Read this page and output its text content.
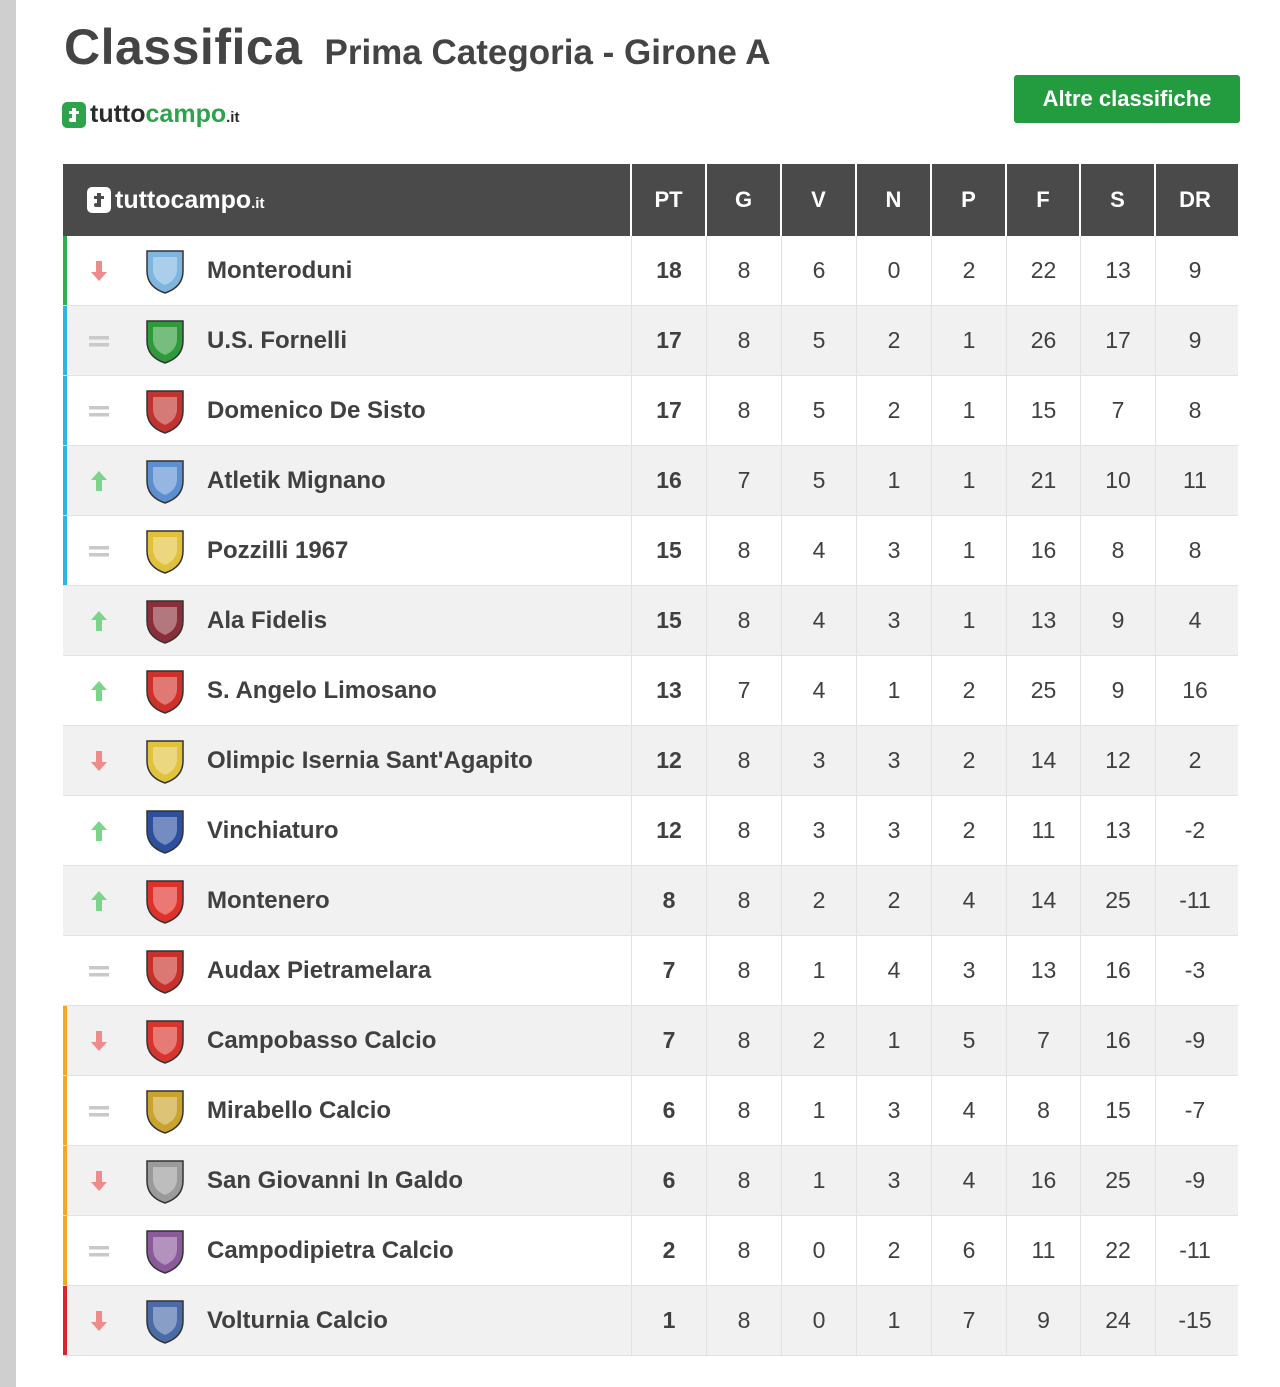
Classifica Prima Categoria - Girone A
tuttocampo.it
Altre classifiche
tuttocampo.it	PT	G	V	N	P	F	S	DR
Monteroduni	18	8	6	0	2	22	13	9
U.S. Fornelli	17	8	5	2	1	26	17	9
Domenico De Sisto	17	8	5	2	1	15	7	8
Atletik Mignano	16	7	5	1	1	21	10	11
Pozzilli 1967	15	8	4	3	1	16	8	8
Ala Fidelis	15	8	4	3	1	13	9	4
S. Angelo Limosano	13	7	4	1	2	25	9	16
Olimpic Isernia Sant'Agapito	12	8	3	3	2	14	12	2
Vinchiaturo	12	8	3	3	2	11	13	-2
Montenero	8	8	2	2	4	14	25	-11
Audax Pietramelara	7	8	1	4	3	13	16	-3
Campobasso Calcio	7	8	2	1	5	7	16	-9
Mirabello Calcio	6	8	1	3	4	8	15	-7
San Giovanni In Galdo	6	8	1	3	4	16	25	-9
Campodipietra Calcio	2	8	0	2	6	11	22	-11
Volturnia Calcio	1	8	0	1	7	9	24	-15
